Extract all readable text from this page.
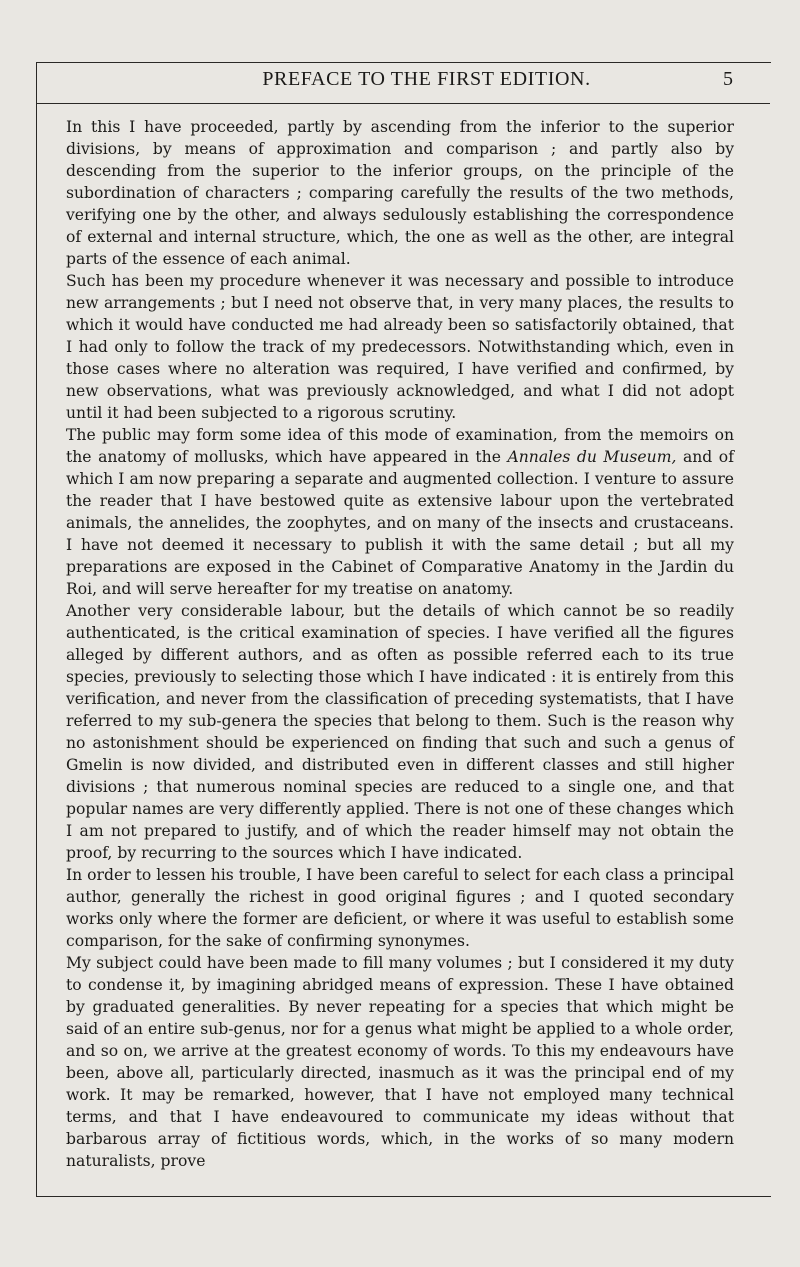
PREFACE TO THE FIRST EDITION.	5

In this I have proceeded, partly by ascending from the inferior to the superior divisions, by means of approximation and comparison ; and partly also by descending from the superior to the inferior groups, on the principle of the subordination of characters ; comparing carefully the results of the two methods, verifying one by the other, and always sedulously establishing the correspondence of external and internal structure, which, the one as well as the other, are integral parts of the essence of each animal.

Such has been my procedure whenever it was necessary and possible to introduce new arrangements ; but I need not observe that, in very many places, the results to which it would have conducted me had already been so satisfactorily obtained, that I had only to follow the track of my predecessors. Notwithstanding which, even in those cases where no alteration was required, I have verified and confirmed, by new observations, what was previously acknowledged, and what I did not adopt until it had been subjected to a rigorous scrutiny.

The public may form some idea of this mode of examination, from the memoirs on the anatomy of mollusks, which have appeared in the Annales du Museum, and of which I am now preparing a separate and augmented collection. I venture to assure the reader that I have bestowed quite as extensive labour upon the vertebrated animals, the annelides, the zoophytes, and on many of the insects and crustaceans. I have not deemed it necessary to publish it with the same detail ; but all my preparations are exposed in the Cabinet of Comparative Anatomy in the Jardin du Roi, and will serve hereafter for my treatise on anatomy.

Another very considerable labour, but the details of which cannot be so readily authenticated, is the critical examination of species. I have verified all the figures alleged by different authors, and as often as possible referred each to its true species, previously to selecting those which I have indicated : it is entirely from this verification, and never from the classification of preceding systematists, that I have referred to my sub-genera the species that belong to them. Such is the reason why no astonishment should be experienced on finding that such and such a genus of Gmelin is now divided, and distributed even in different classes and still higher divisions ; that numerous nominal species are reduced to a single one, and that popular names are very differently applied. There is not one of these changes which I am not prepared to justify, and of which the reader himself may not obtain the proof, by recurring to the sources which I have indicated.

In order to lessen his trouble, I have been careful to select for each class a principal author, generally the richest in good original figures ; and I quoted secondary works only where the former are deficient, or where it was useful to establish some comparison, for the sake of confirming synonymes.

My subject could have been made to fill many volumes ; but I considered it my duty to condense it, by imagining abridged means of expression. These I have obtained by graduated generalities. By never repeating for a species that which might be said of an entire sub-genus, nor for a genus what might be applied to a whole order, and so on, we arrive at the greatest economy of words. To this my endeavours have been, above all, particularly directed, inasmuch as it was the principal end of my work. It may be remarked, however, that I have not employed many technical terms, and that I have endeavoured to communicate my ideas without that barbarous array of fictitious words, which, in the works of so many modern naturalists, prove
